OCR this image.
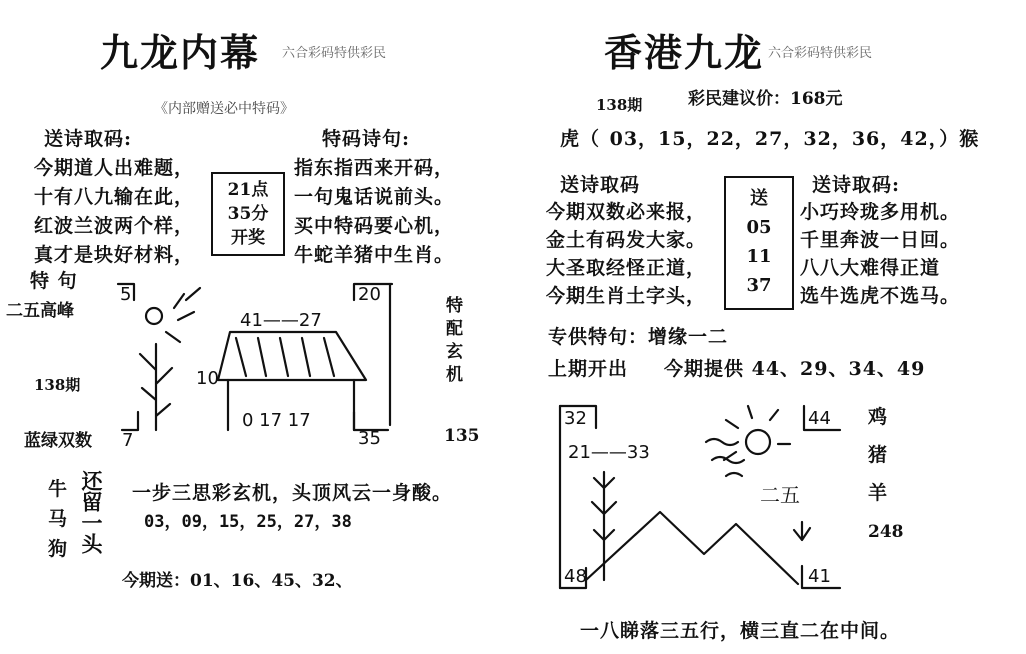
九龙内幕 六合彩码特供彩民
《内部赠送必中特码》
送诗取码:	特码诗句:
今期道人出难题，
十有八九输在此，
红波兰波两个样，
真才是块好材料，
21点
35分
开奖
指东指西来开码，
一句鬼话说前头。
买中特码要心机，
牛蛇羊猪中生肖。
特 句
二五高峰
138期
蓝绿双数
特配玄机
135
5	20
7	35
41——27
10
0 17 17
牛
马
狗 还留一头 一步三思彩玄机，头顶风云一身酸。
03，09，15，25，27，38
今期送：01、16、45、32、
香港九龙 六合彩码特供彩民
138期	彩民建议价：168元
虎（ 03，15，22，27，32，36，42，）猴
送诗取码	送诗取码:
今期双数必来报，
金土有码发大家。
大圣取经怪正道，
今期生肖土字头，
送
05
11
37
小巧玲珑多用机。
千里奔波一日回。
八八大难得正道
选牛选虎不选马。
专供特句：增缘一二
上期开出 今期提供 44、29、34、49
32	44
48	41
21——33
二五
鸡
猪
羊
248
一八睇落三五行，横三直二在中间。
